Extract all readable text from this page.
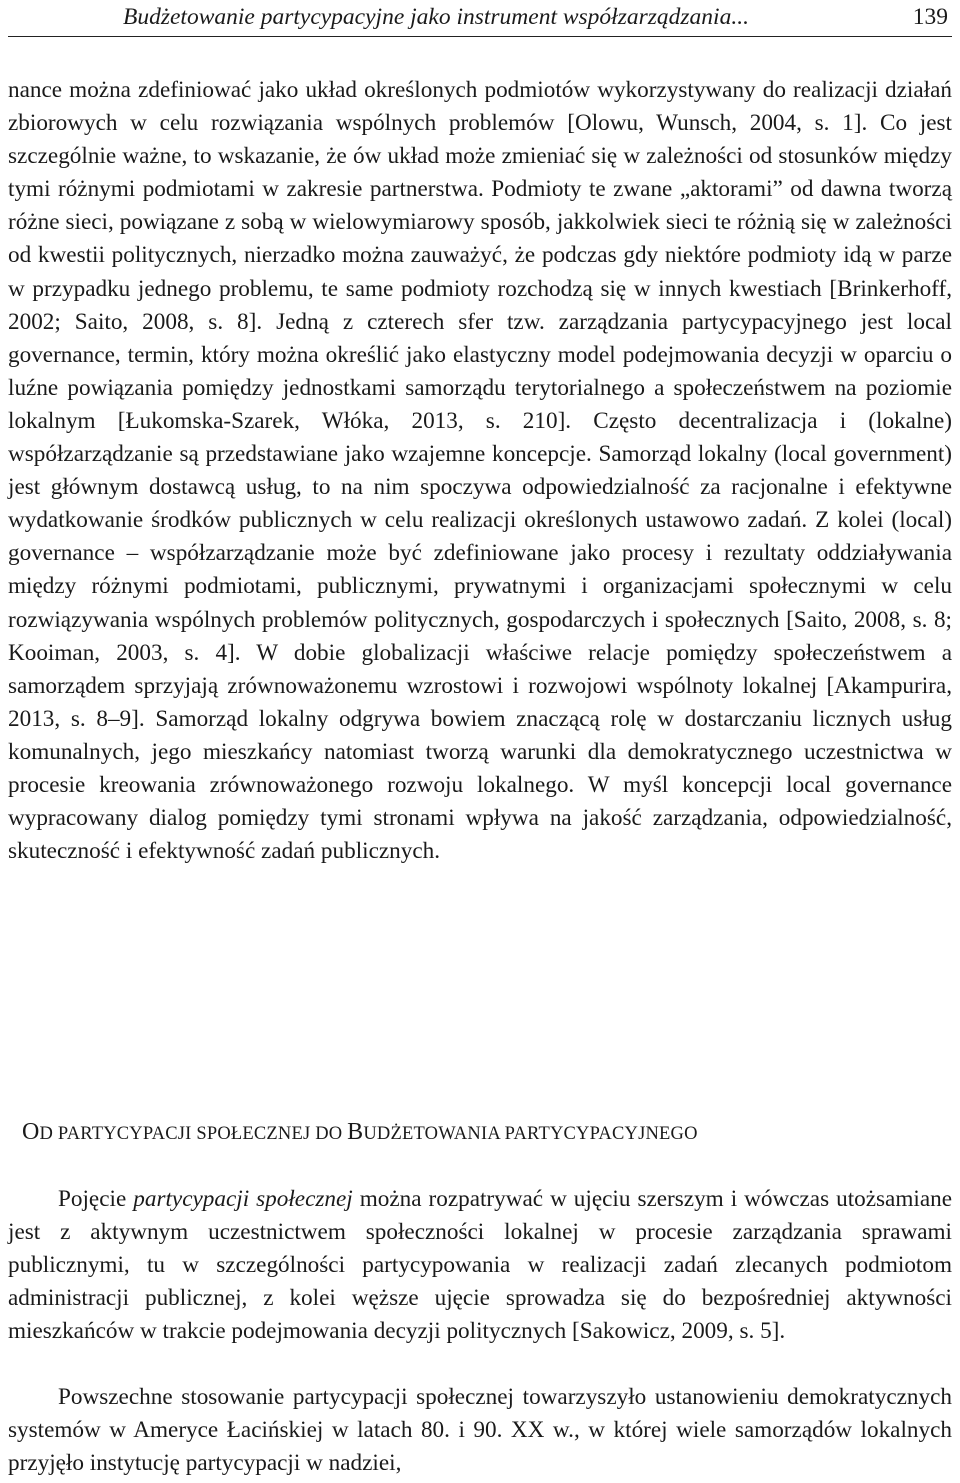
Budżetowanie partycypacyjne jako instrument współzarządzania...	139

nance można zdefiniować jako układ określonych podmiotów wykorzystywany do realizacji działań zbiorowych w celu rozwiązania wspólnych problemów [Olowu, Wunsch, 2004, s. 1]. Co jest szczególnie ważne, to wskazanie, że ów układ może zmieniać się w zależności od stosunków między tymi różnymi podmiotami w zakresie partnerstwa. Podmioty te zwane „aktorami” od dawna tworzą różne sieci, powiązane z sobą w wielowymiarowy sposób, jakkolwiek sieci te różnią się w zależności od kwestii politycznych, nierzadko można zauważyć, że podczas gdy niektóre podmioty idą w parze w przypadku jednego problemu, te same podmioty rozchodzą się w innych kwestiach [Brinkerhoff, 2002; Saito, 2008, s. 8]. Jedną z czterech sfer tzw. zarządzania partycypacyjnego jest local governance, termin, który można określić jako elastyczny model podejmowania decyzji w oparciu o luźne powiązania pomiędzy jednostkami samorządu terytorialnego a społeczeństwem na poziomie lokalnym [Łukomska-Szarek, Włóka, 2013, s. 210]. Często decentralizacja i (lokalne) współzarządzanie są przedstawiane jako wzajemne koncepcje. Samorząd lokalny (local government) jest głównym dostawcą usług, to na nim spoczywa odpowiedzialność za racjonalne i efektywne wydatkowanie środków publicznych w celu realizacji określonych ustawowo zadań. Z kolei (local) governance – współzarządzanie może być zdefiniowane jako procesy i rezultaty oddziaływania między różnymi podmiotami, publicznymi, prywatnymi i organizacjami społecznymi w celu rozwiązywania wspólnych problemów politycznych, gospodarczych i społecznych [Saito, 2008, s. 8; Kooiman, 2003, s. 4]. W dobie globalizacji właściwe relacje pomiędzy społeczeństwem a samorządem sprzyjają zrównoważonemu wzrostowi i rozwojowi wspólnoty lokalnej [Akampurira, 2013, s. 8–9]. Samorząd lokalny odgrywa bowiem znaczącą rolę w dostarczaniu licznych usług komunalnych, jego mieszkańcy natomiast tworzą warunki dla demokratycznego uczestnictwa w procesie kreowania zrównoważonego rozwoju lokalnego. W myśl koncepcji local governance wypracowany dialog pomiędzy tymi stronami wpływa na jakość zarządzania, odpowiedzialność, skuteczność i efektywność zadań publicznych.

OD PARTYCYPACJI SPOŁECZNEJ DO BUDŻETOWANIA PARTYCYPACYJNEGO

Pojęcie partycypacji społecznej można rozpatrywać w ujęciu szerszym i wówczas utożsamiane jest z aktywnym uczestnictwem społeczności lokalnej w procesie zarządzania sprawami publicznymi, tu w szczególności partycypowania w realizacji zadań zlecanych podmiotom administracji publicznej, z kolei węższe ujęcie sprowadza się do bezpośredniej aktywności mieszkańców w trakcie podejmowania decyzji politycznych [Sakowicz, 2009, s. 5].

Powszechne stosowanie partycypacji społecznej towarzyszyło ustanowieniu demokratycznych systemów w Ameryce Łacińskiej w latach 80. i 90. XX w., w której wiele samorządów lokalnych przyjęło instytucję partycypacji w nadziei,
